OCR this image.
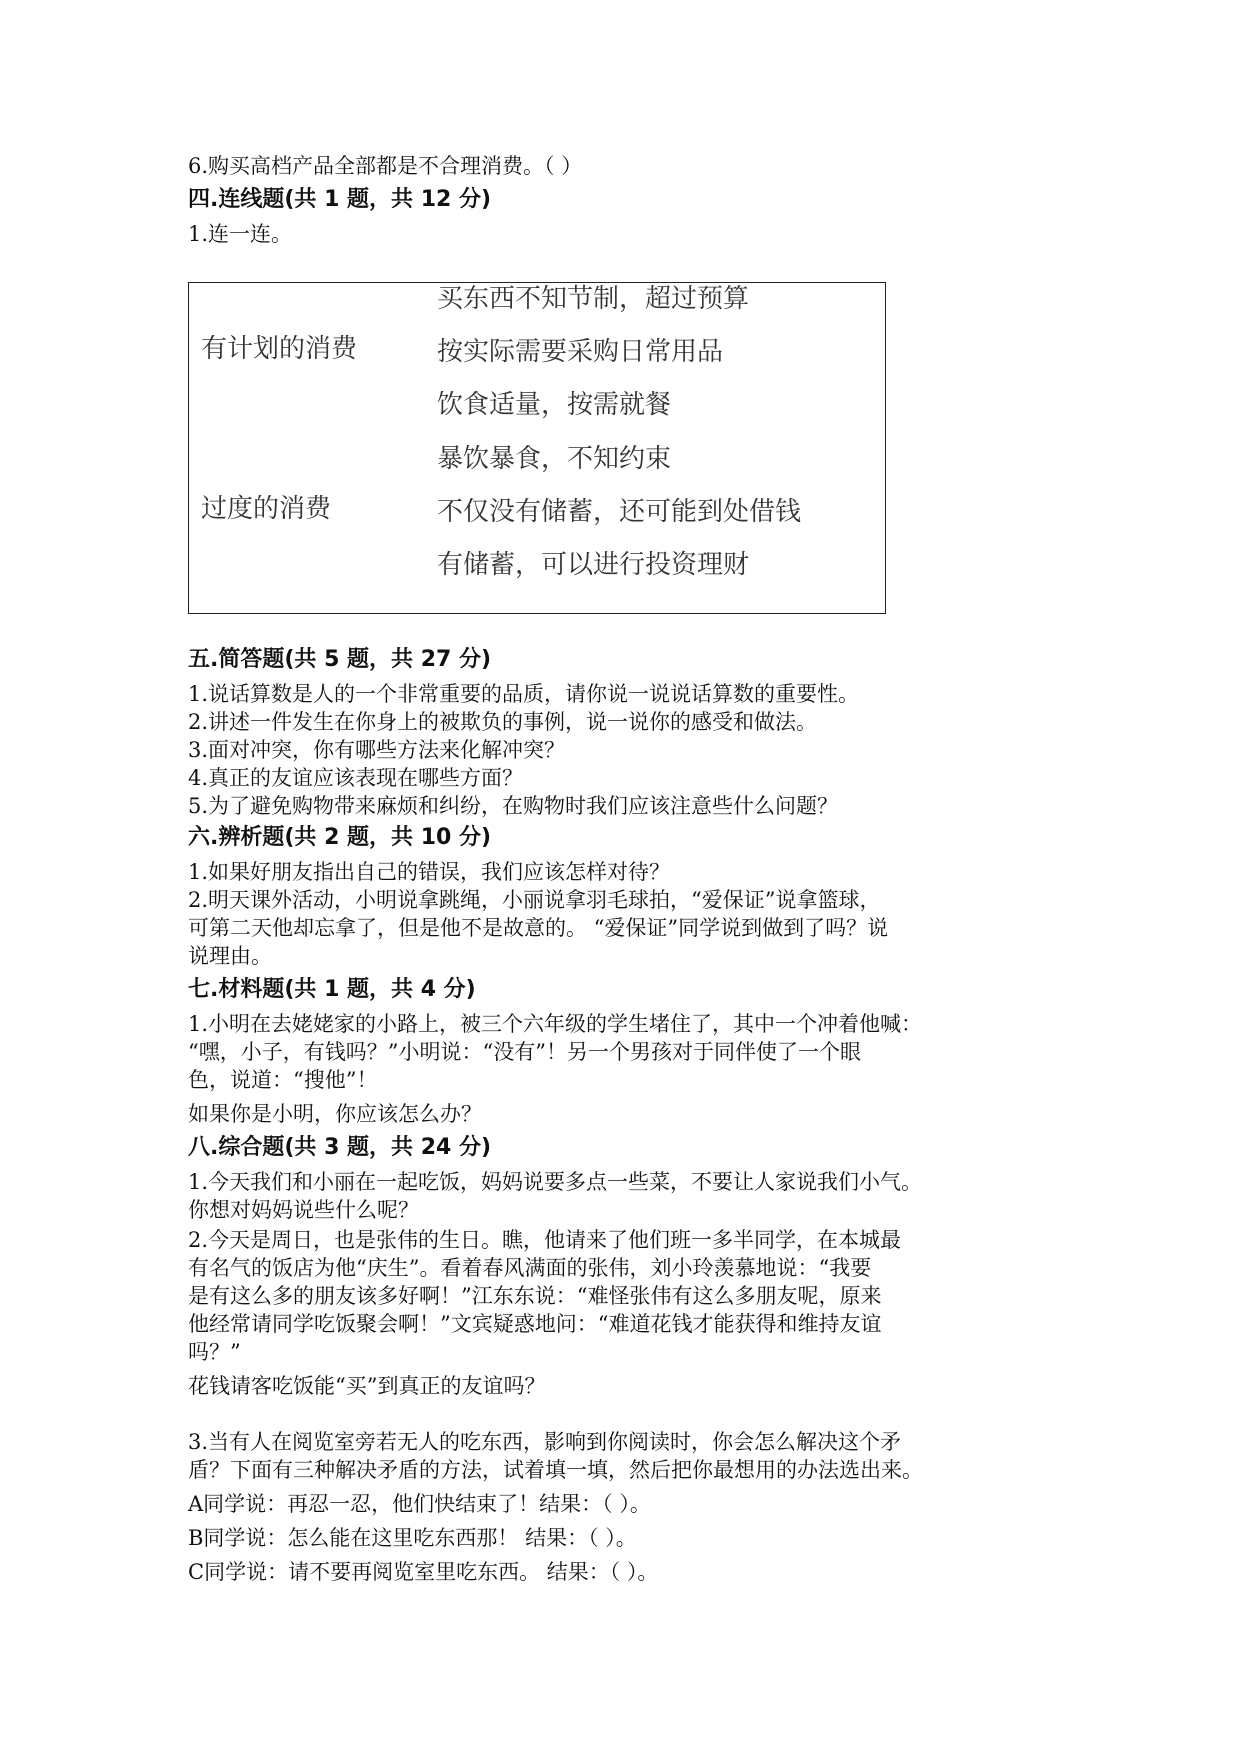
6.购买高档产品全部都是不合理消费。（ ）
四.连线题(共 1 题，共 12 分)
1.连一连。
有计划的消费
过度的消费
买东西不知节制，超过预算
按实际需要采购日常用品
饮食适量，按需就餐
暴饮暴食，不知约束
不仅没有储蓄，还可能到处借钱
有储蓄，可以进行投资理财
五.简答题(共 5 题，共 27 分)
1.说话算数是人的一个非常重要的品质，请你说一说说话算数的重要性。
2.讲述一件发生在你身上的被欺负的事例，说一说你的感受和做法。
3.面对冲突，你有哪些方法来化解冲突？
4.真正的友谊应该表现在哪些方面？
5.为了避免购物带来麻烦和纠纷，在购物时我们应该注意些什么问题？
六.辨析题(共 2 题，共 10 分)
1.如果好朋友指出自己的错误，我们应该怎样对待？
2.明天课外活动，小明说拿跳绳，小丽说拿羽毛球拍，“爱保证”说拿篮球，
可第二天他却忘拿了，但是他不是故意的。 “爱保证”同学说到做到了吗？说
说理由。
七.材料题(共 1 题，共 4 分)
1.小明在去姥姥家的小路上，被三个六年级的学生堵住了，其中一个冲着他喊：
“嘿，小子，有钱吗？”小明说：“没有”！另一个男孩对于同伴使了一个眼
色，说道：“搜他”！
如果你是小明，你应该怎么办？
八.综合题(共 3 题，共 24 分)
1.今天我们和小丽在一起吃饭，妈妈说要多点一些菜，不要让人家说我们小气。
你想对妈妈说些什么呢？
2.今天是周日，也是张伟的生日。瞧，他请来了他们班一多半同学，在本城最
有名气的饭店为他“庆生”。看着春风满面的张伟，刘小玲羡慕地说：“我要
是有这么多的朋友该多好啊！”江东东说：“难怪张伟有这么多朋友呢，原来
他经常请同学吃饭聚会啊！”文宾疑惑地问：“难道花钱才能获得和维持友谊
吗？”
花钱请客吃饭能“买”到真正的友谊吗？
3.当有人在阅览室旁若无人的吃东西，影响到你阅读时，你会怎么解决这个矛
盾？下面有三种解决矛盾的方法，试着填一填，然后把你最想用的办法选出来。
A同学说：再忍一忍，他们快结束了！结果：（ ）。
B同学说：怎么能在这里吃东西那！ 结果：（ ）。
C同学说：请不要再阅览室里吃东西。 结果：（ ）。
